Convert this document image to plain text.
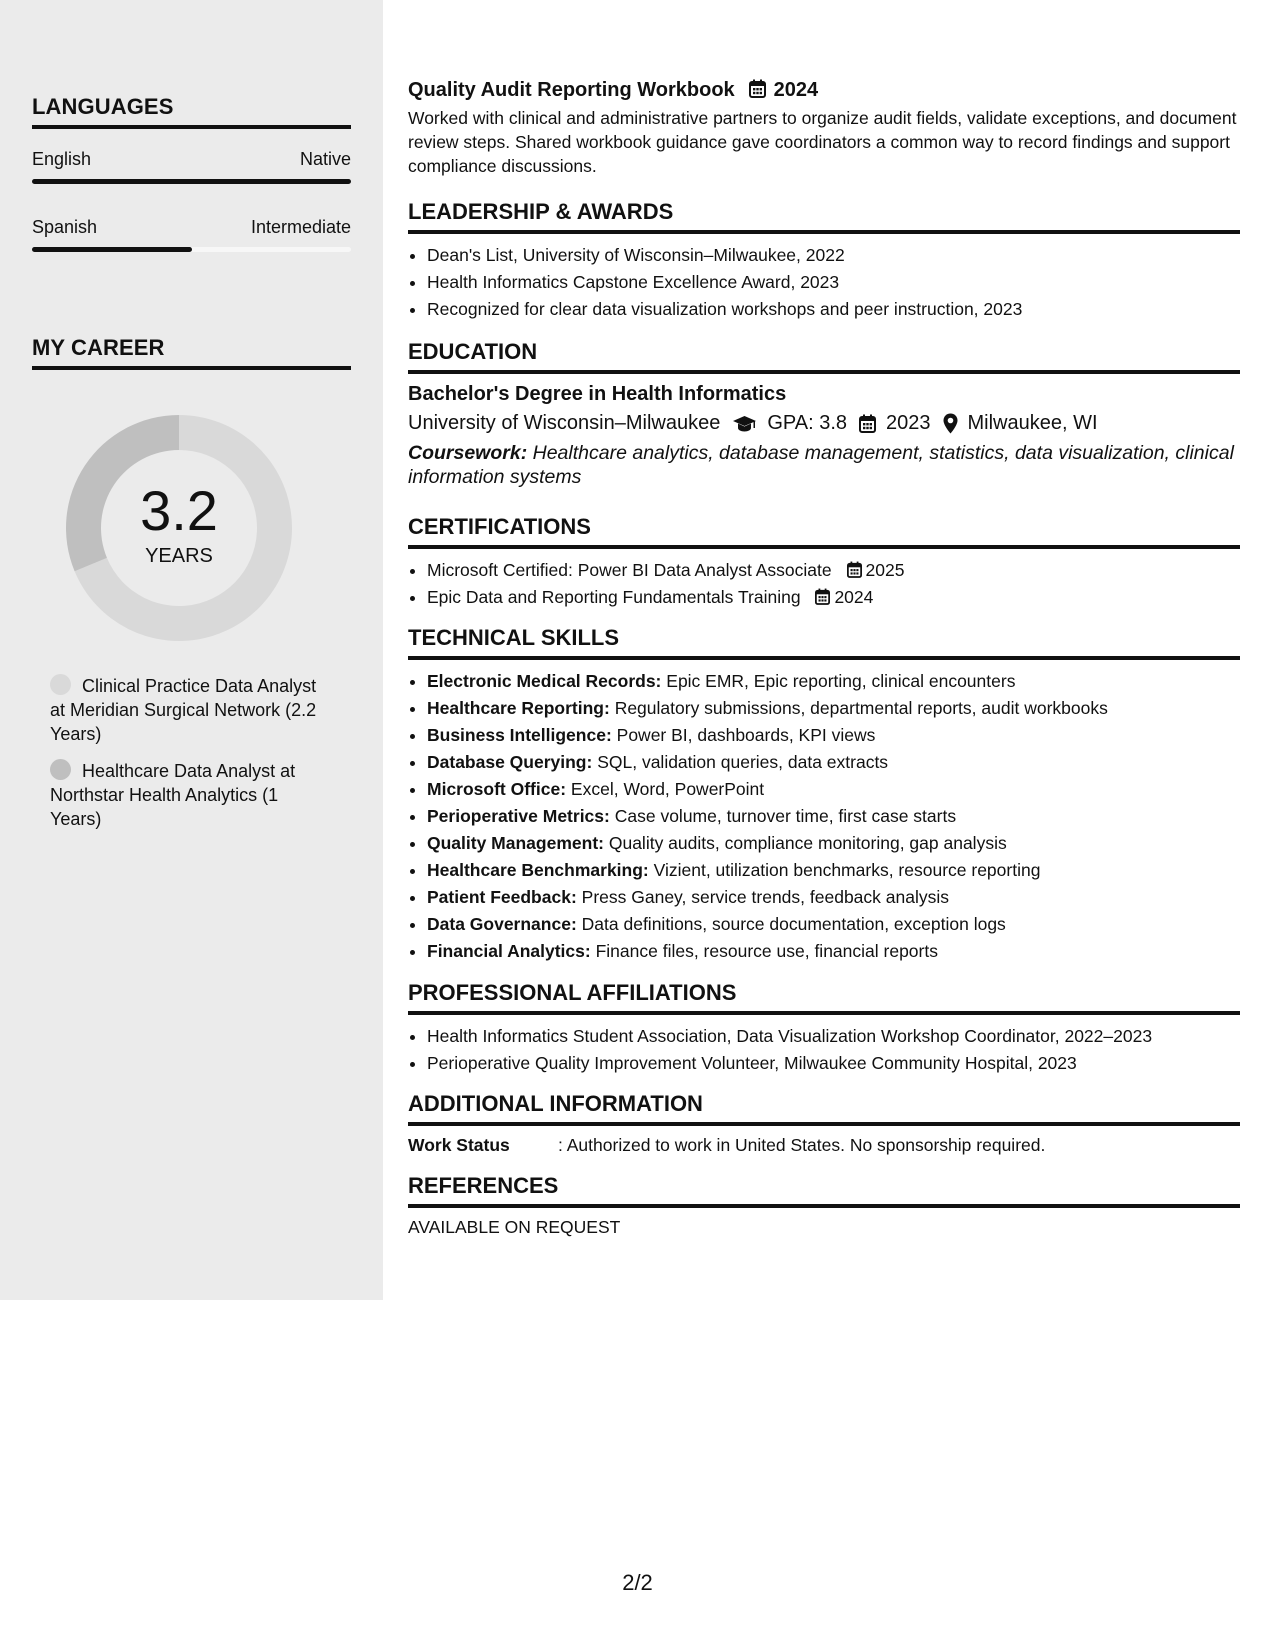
LANGUAGES
English	Native
Spanish	Intermediate
MY CAREER
3.2
YEARS
Clinical Practice Data Analyst at Meridian Surgical Network (2.2 Years)
Healthcare Data Analyst at Northstar Health Analytics (1 Years)
Quality Audit Reporting Workbook 2024

Worked with clinical and administrative partners to organize audit fields, validate exceptions, and document review steps. Shared workbook guidance gave coordinators a common way to record findings and support compliance discussions.

LEADERSHIP & AWARDS
• Dean's List, University of Wisconsin–Milwaukee, 2022
• Health Informatics Capstone Excellence Award, 2023
• Recognized for clear data visualization workshops and peer instruction, 2023
EDUCATION
Bachelor's Degree in Health Informatics
University of Wisconsin–Milwaukee GPA: 3.8 2023 Milwaukee, WI
Coursework: Healthcare analytics, database management, statistics, data visualization, clinical information systems
CERTIFICATIONS
• Microsoft Certified: Power BI Data Analyst Associate 2025
• Epic Data and Reporting Fundamentals Training 2024
TECHNICAL SKILLS
• Electronic Medical Records: Epic EMR, Epic reporting, clinical encounters
• Healthcare Reporting: Regulatory submissions, departmental reports, audit workbooks
• Business Intelligence: Power BI, dashboards, KPI views
• Database Querying: SQL, validation queries, data extracts
• Microsoft Office: Excel, Word, PowerPoint
• Perioperative Metrics: Case volume, turnover time, first case starts
• Quality Management: Quality audits, compliance monitoring, gap analysis
• Healthcare Benchmarking: Vizient, utilization benchmarks, resource reporting
• Patient Feedback: Press Ganey, service trends, feedback analysis
• Data Governance: Data definitions, source documentation, exception logs
• Financial Analytics: Finance files, resource use, financial reports
PROFESSIONAL AFFILIATIONS
• Health Informatics Student Association, Data Visualization Workshop Coordinator, 2022–2023
• Perioperative Quality Improvement Volunteer, Milwaukee Community Hospital, 2023
ADDITIONAL INFORMATION
Work Status	: Authorized to work in United States. No sponsorship required.
REFERENCES
AVAILABLE ON REQUEST
2/2
